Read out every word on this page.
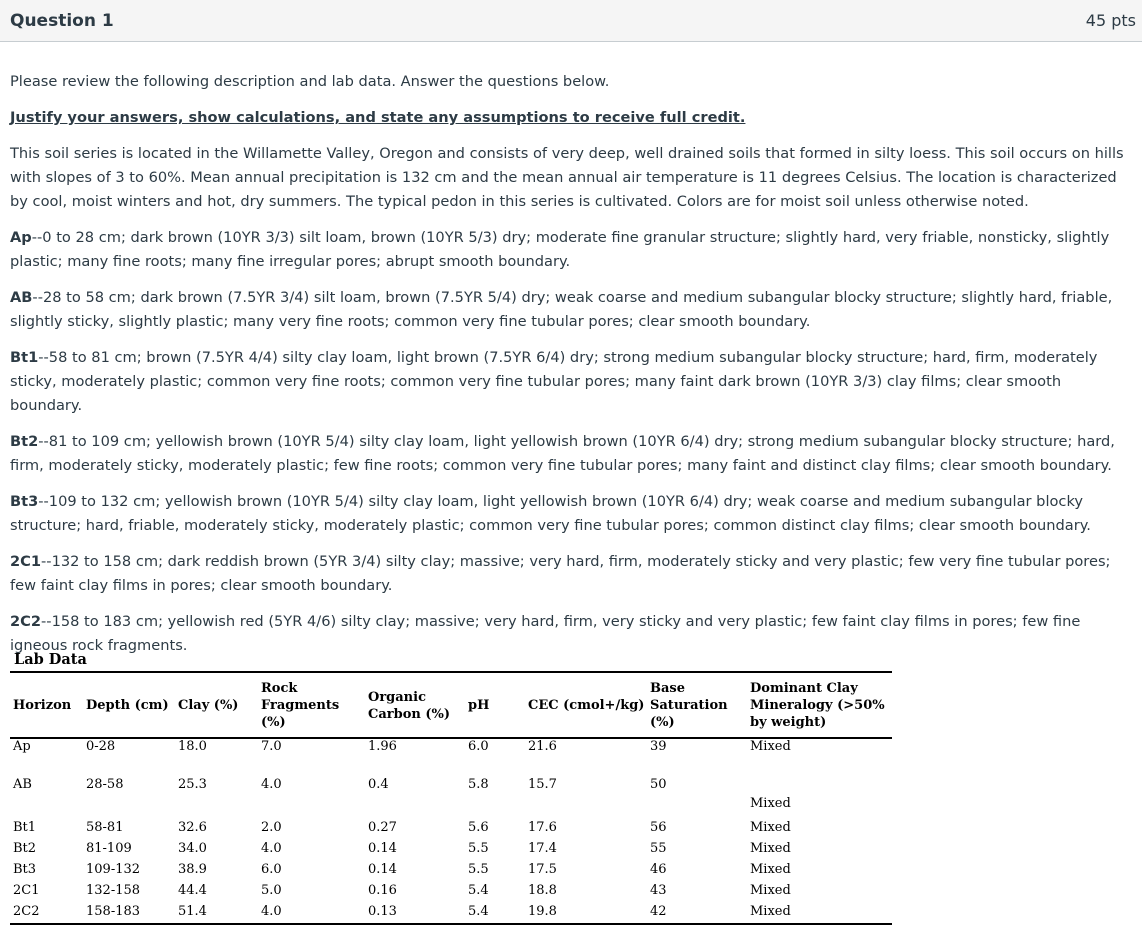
Question 1	45 pts

Please review the following description and lab data. Answer the questions below.

Justify your answers, show calculations, and state any assumptions to receive full credit.

This soil series is located in the Willamette Valley, Oregon and consists of very deep, well drained soils that formed in silty loess. This soil occurs on hills with slopes of 3 to 60%. Mean annual precipitation is 132 cm and the mean annual air temperature is 11 degrees Celsius. The location is characterized by cool, moist winters and hot, dry summers. The typical pedon in this series is cultivated. Colors are for moist soil unless otherwise noted.

Ap--0 to 28 cm; dark brown (10YR 3/3) silt loam, brown (10YR 5/3) dry; moderate fine granular structure; slightly hard, very friable, nonsticky, slightly plastic; many fine roots; many fine irregular pores; abrupt smooth boundary.

AB--28 to 58 cm; dark brown (7.5YR 3/4) silt loam, brown (7.5YR 5/4) dry; weak coarse and medium subangular blocky structure; slightly hard, friable, slightly sticky, slightly plastic; many very fine roots; common very fine tubular pores; clear smooth boundary.

Bt1--58 to 81 cm; brown (7.5YR 4/4) silty clay loam, light brown (7.5YR 6/4) dry; strong medium subangular blocky structure; hard, firm, moderately sticky, moderately plastic; common very fine roots; common very fine tubular pores; many faint dark brown (10YR 3/3) clay films; clear smooth boundary.

Bt2--81 to 109 cm; yellowish brown (10YR 5/4) silty clay loam, light yellowish brown (10YR 6/4) dry; strong medium subangular blocky structure; hard, firm, moderately sticky, moderately plastic; few fine roots; common very fine tubular pores; many faint and distinct clay films; clear smooth boundary.

Bt3--109 to 132 cm; yellowish brown (10YR 5/4) silty clay loam, light yellowish brown (10YR 6/4) dry; weak coarse and medium subangular blocky structure; hard, friable, moderately sticky, moderately plastic; common very fine tubular pores; common distinct clay films; clear smooth boundary.

2C1--132 to 158 cm; dark reddish brown (5YR 3/4) silty clay; massive; very hard, firm, moderately sticky and very plastic; few very fine tubular pores; few faint clay films in pores; clear smooth boundary.

2C2--158 to 183 cm; yellowish red (5YR 4/6) silty clay; massive; very hard, firm, very sticky and very plastic; few faint clay films in pores; few fine igneous rock fragments.

Lab Data
Horizon	Depth (cm)	Clay (%)	Rock Fragments (%)	Organic Carbon (%)	pH	CEC (cmol+/kg)	Base Saturation (%)	Dominant Clay Mineralogy (>50% by weight)
Ap	0-28	18.0	7.0	1.96	6.0	21.6	39	Mixed
AB	28-58	25.3	4.0	0.4	5.8	15.7	50	Mixed

Bt1	58-81	32.6	2.0	0.27	5.6	17.6	56	Mixed
Bt2	81-109	34.0	4.0	0.14	5.5	17.4	55	Mixed
Bt3	109-132	38.9	6.0	0.14	5.5	17.5	46	Mixed
2C1	132-158	44.4	5.0	0.16	5.4	18.8	43	Mixed
2C2	158-183	51.4	4.0	0.13	5.4	19.8	42	Mixed
